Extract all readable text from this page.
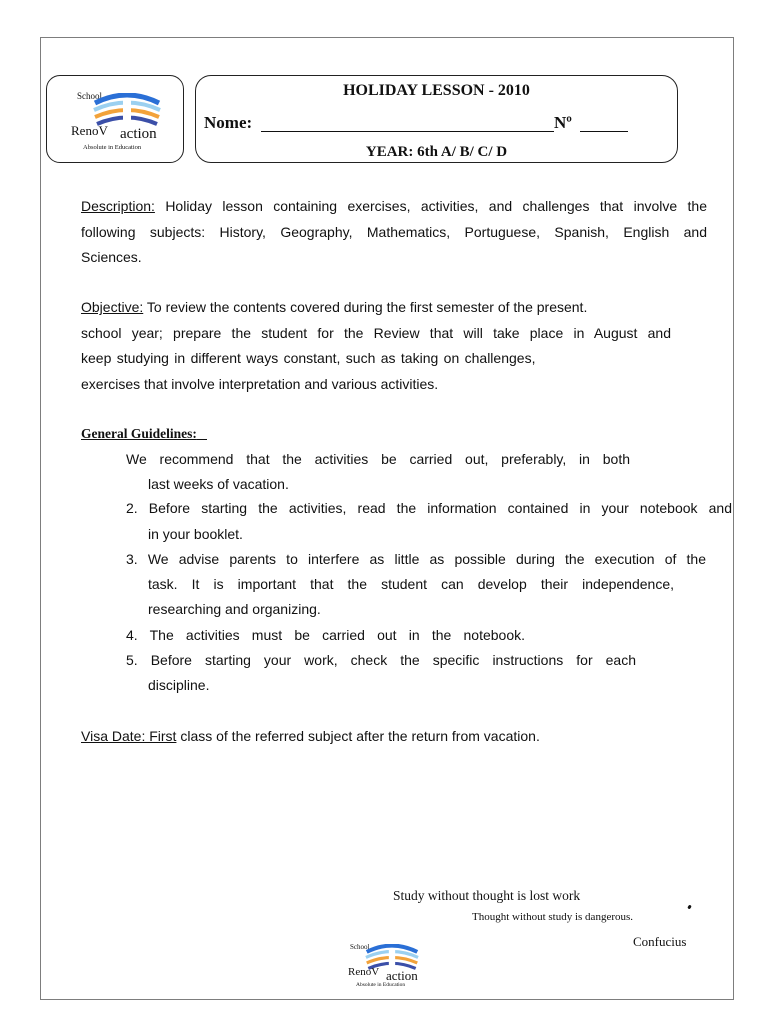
School
RenoV action
Absolute in Education
HOLIDAY LESSON - 2010
Nome:	Nº
YEAR: 6th A/ B/ C/ D
Description: Holiday lesson containing exercises, activities, and challenges that involve the
following subjects: History, Geography, Mathematics, Portuguese, Spanish, English and
Sciences.
Objective: To review the contents covered during the first semester of the present.
school year; prepare the student for the Review that will take place in August and
keep studying in different ways constant, such as taking on challenges,
exercises that involve interpretation and various activities.
General Guidelines:
We recommend that the activities be carried out, preferably, in both
last weeks of vacation.
2. Before starting the activities, read the information contained in your notebook and
in your booklet.
3. We advise parents to interfere as little as possible during the execution of the
task. It is important that the student can develop their independence,
researching and organizing.
4. The activities must be carried out in the notebook.
5. Before starting your work, check the specific instructions for each
discipline.
Visa Date: First class of the referred subject after the return from vacation.
Study without thought is lost work
Thought without study is dangerous.
Confucius
School
RenoV action
Absolute in Education
